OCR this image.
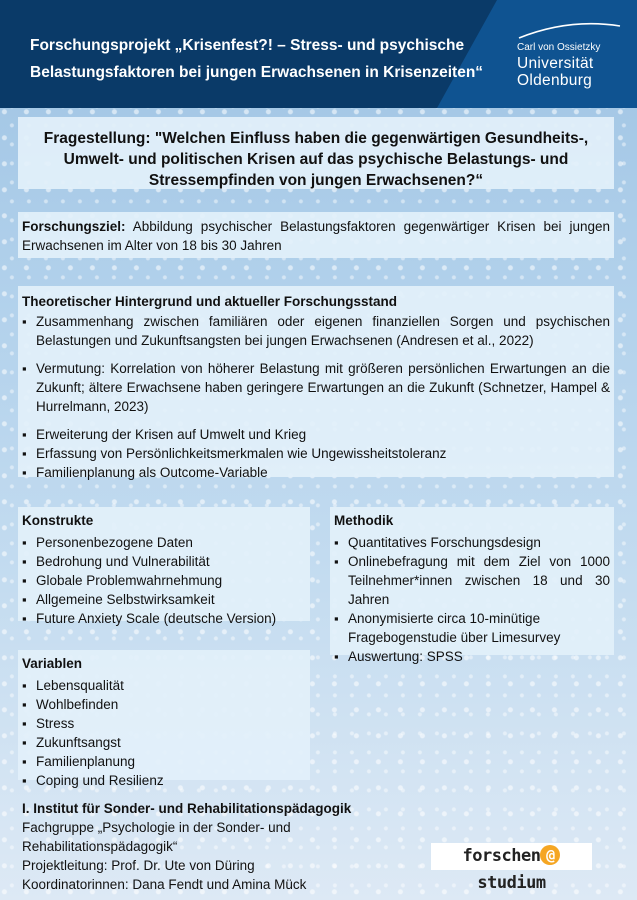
Forschungsprojekt „Krisenfest?! – Stress- und psychische
Belastungsfaktoren bei jungen Erwachsenen in Krisenzeiten“
Carl von Ossietzky
Universität
Oldenburg
Fragestellung: "Welchen Einfluss haben die gegenwärtigen Gesundheits-,
Umwelt- und politischen Krisen auf das psychische Belastungs- und
Stressempfinden von jungen Erwachsenen?“
Forschungsziel: Abbildung psychischer Belastungsfaktoren gegenwärtiger Krisen bei jungen Erwachsenen im Alter von 18 bis 30 Jahren
Theoretischer Hintergrund und aktueller Forschungsstand
▪ Zusammenhang zwischen familiären oder eigenen finanziellen Sorgen und psychischen Belastungen und Zukunftsangsten bei jungen Erwachsenen (Andresen et al., 2022)
▪ Vermutung: Korrelation von höherer Belastung mit größeren persönlichen Erwartungen an die Zukunft; ältere Erwachsene haben geringere Erwartungen an die Zukunft (Schnetzer, Hampel & Hurrelmann, 2023)
▪ Erweiterung der Krisen auf Umwelt und Krieg
▪ Erfassung von Persönlichkeitsmerkmalen wie Ungewissheitstoleranz
▪ Familienplanung als Outcome-Variable
Konstrukte
▪ Personenbezogene Daten
▪ Bedrohung und Vulnerabilität
▪ Globale Problemwahrnehmung
▪ Allgemeine Selbstwirksamkeit
▪ Future Anxiety Scale (deutsche Version)
Variablen
▪ Lebensqualität
▪ Wohlbefinden
▪ Stress
▪ Zukunftsangst
▪ Familienplanung
▪ Coping und Resilienz
Methodik
▪ Quantitatives Forschungsdesign
▪ Onlinebefragung mit dem Ziel von 1000 Teilnehmer*innen zwischen 18 und 30 Jahren
▪ Anonymisierte circa 10-minütige Fragebogenstudie über Limesurvey
▪ Auswertung: SPSS
I. Institut für Sonder- und Rehabilitationspädagogik
Fachgruppe „Psychologie in der Sonder- und
Rehabilitationspädagogik“
Projektleitung: Prof. Dr. Ute von Düring
Koordinatorinnen: Dana Fendt und Amina Mück
forschen @studium
